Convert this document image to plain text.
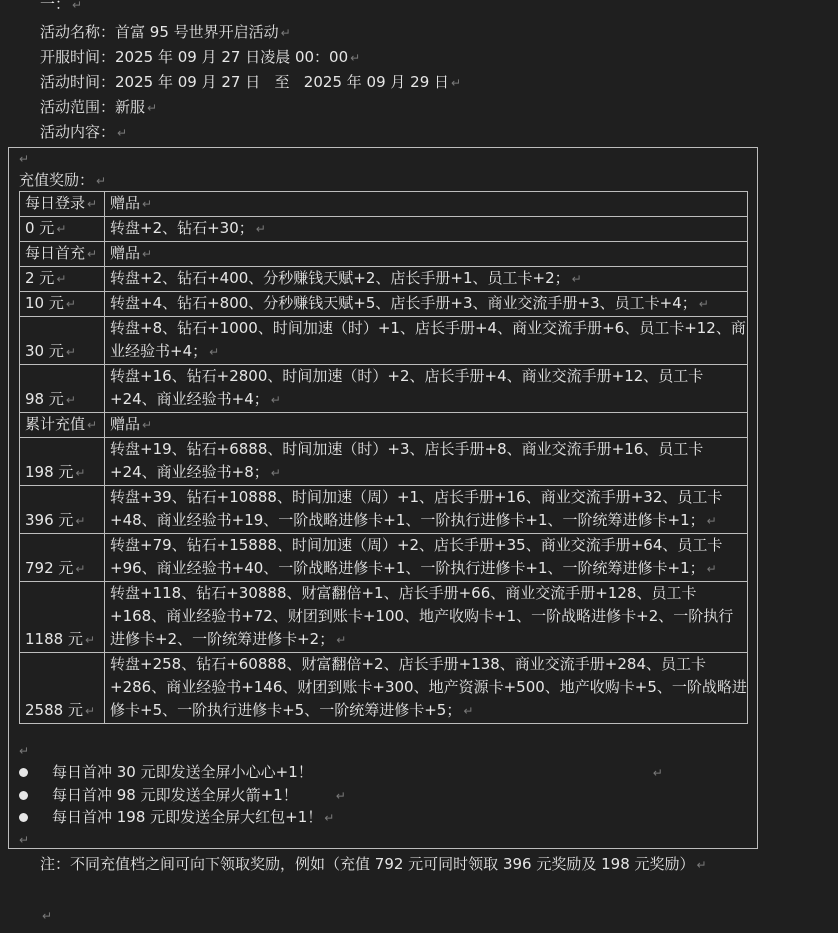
一： ↵
活动名称：首富 95 号世界开启活动 ↵
开服时间：2025 年 09 月 27 日凌晨 00：00 ↵
活动时间：2025 年 09 月 27 日   至   2025 年 09 月 29 日 ↵
活动范围：新服 ↵
活动内容： ↵
↵
充值奖励： ↵
每日登录 ↵	赠品 ↵
0 元 ↵	转盘+2、钻石+30； ↵
每日首充 ↵	赠品 ↵
2 元 ↵	转盘+2、钻石+400、分秒赚钱天赋+2、店长手册+1、员工卡+2； ↵
10 元 ↵	转盘+4、钻石+800、分秒赚钱天赋+5、店长手册+3、商业交流手册+3、员工卡+4； ↵
30 元 ↵	转盘+8、钻石+1000、时间加速（时）+1、店长手册+4、商业交流手册+6、员工卡+12、商业经验书+4； ↵
98 元 ↵	转盘+16、钻石+2800、时间加速（时）+2、店长手册+4、商业交流手册+12、员工卡+24、商业经验书+4； ↵
累计充值 ↵	赠品 ↵
198 元 ↵	转盘+19、钻石+6888、时间加速（时）+3、店长手册+8、商业交流手册+16、员工卡+24、商业经验书+8； ↵
396 元 ↵	转盘+39、钻石+10888、时间加速（周）+1、店长手册+16、商业交流手册+32、员工卡+48、商业经验书+19、一阶战略进修卡+1、一阶执行进修卡+1、一阶统筹进修卡+1； ↵
792 元 ↵	转盘+79、钻石+15888、时间加速（周）+2、店长手册+35、商业交流手册+64、员工卡+96、商业经验书+40、一阶战略进修卡+1、一阶执行进修卡+1、一阶统筹进修卡+1； ↵
1188 元 ↵	转盘+118、钻石+30888、财富翻倍+1、店长手册+66、商业交流手册+128、员工卡+168、商业经验书+72、财团到账卡+100、地产收购卡+1、一阶战略进修卡+2、一阶执行进修卡+2、一阶统筹进修卡+2； ↵
2588 元 ↵	转盘+258、钻石+60888、财富翻倍+2、店长手册+138、商业交流手册+284、员工卡+286、商业经验书+146、财团到账卡+300、地产资源卡+500、地产收购卡+5、一阶战略进修卡+5、一阶执行进修卡+5、一阶统筹进修卡+5； ↵
↵
每日首冲 30 元即发送全屏小心心+1！	↵
每日首冲 98 元即发送全屏火箭+1！	↵
每日首冲 198 元即发送全屏大红包+1！ ↵
↵
注：不同充值档之间可向下领取奖励，例如（充值 792 元可同时领取 396 元奖励及 198 元奖励） ↵
↵
